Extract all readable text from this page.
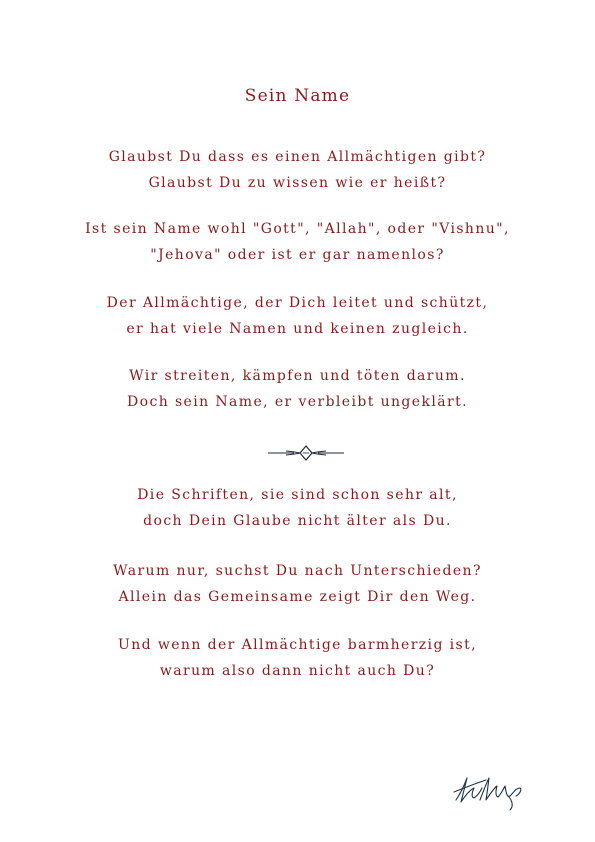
Sein Name
Glaubst Du dass es einen Allmächtigen gibt?
Glaubst Du zu wissen wie er heißt?
Ist sein Name wohl "Gott", "Allah", oder "Vishnu",
"Jehova" oder ist er gar namenlos?
Der Allmächtige, der Dich leitet und schützt,
er hat viele Namen und keinen zugleich.
Wir streiten, kämpfen und töten darum.
Doch sein Name, er verbleibt ungeklärt.
Die Schriften, sie sind schon sehr alt,
doch Dein Glaube nicht älter als Du.
Warum nur, suchst Du nach Unterschieden?
Allein das Gemeinsame zeigt Dir den Weg.
Und wenn der Allmächtige barmherzig ist,
warum also dann nicht auch Du?
